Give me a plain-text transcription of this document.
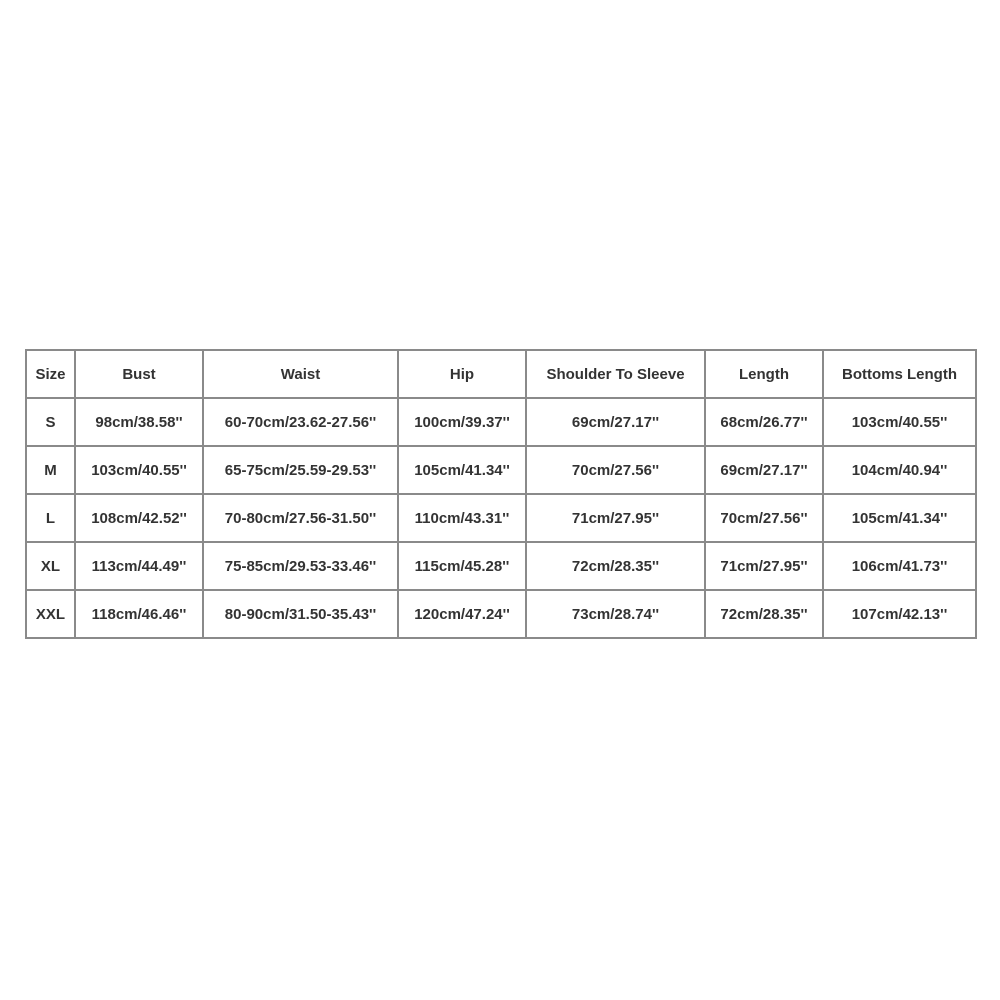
Size	Bust	Waist	Hip	Shoulder To Sleeve	Length	Bottoms Length
S	98cm/38.58''	60-70cm/23.62-27.56''	100cm/39.37''	69cm/27.17''	68cm/26.77''	103cm/40.55''
M	103cm/40.55''	65-75cm/25.59-29.53''	105cm/41.34''	70cm/27.56''	69cm/27.17''	104cm/40.94''
L	108cm/42.52''	70-80cm/27.56-31.50''	110cm/43.31''	71cm/27.95''	70cm/27.56''	105cm/41.34''
XL	113cm/44.49''	75-85cm/29.53-33.46''	115cm/45.28''	72cm/28.35''	71cm/27.95''	106cm/41.73''
XXL	118cm/46.46''	80-90cm/31.50-35.43''	120cm/47.24''	73cm/28.74''	72cm/28.35''	107cm/42.13''
